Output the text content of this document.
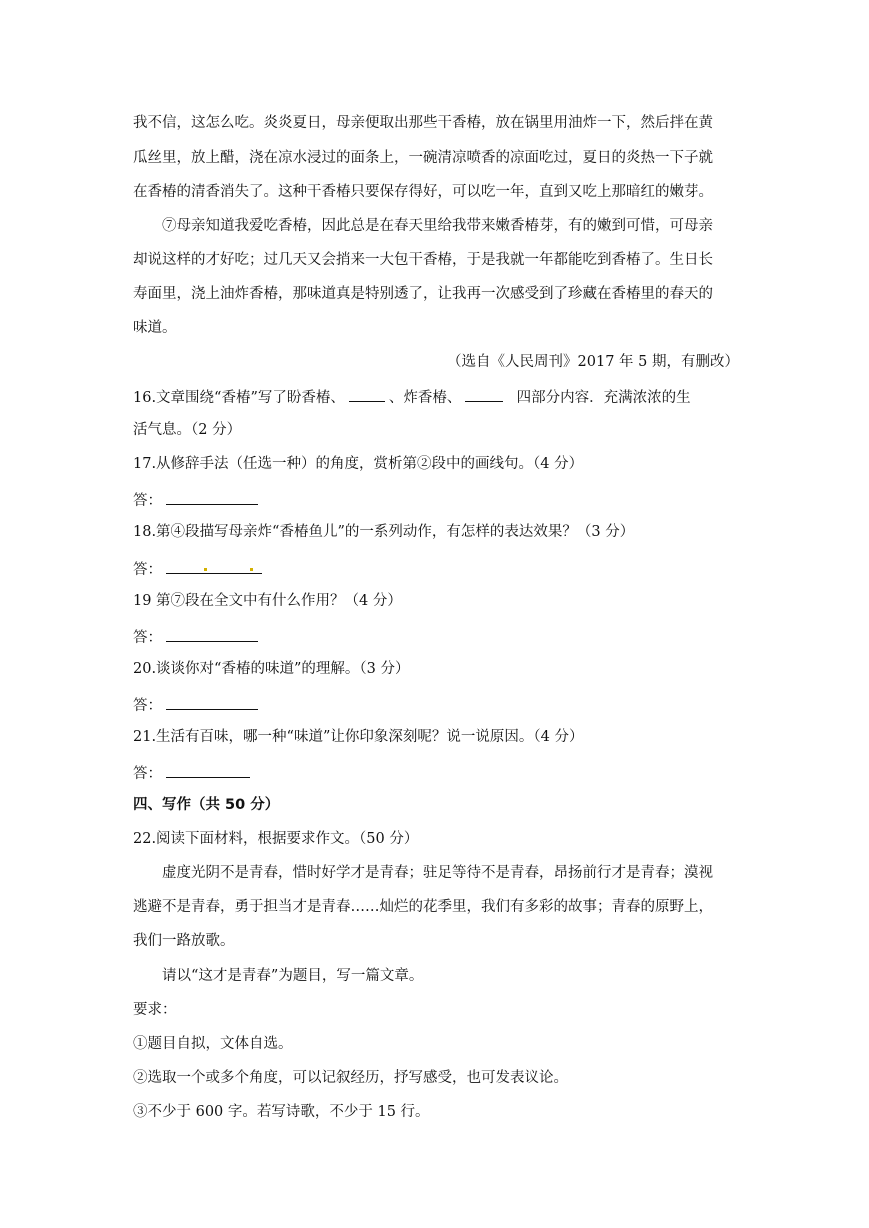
我不信，这怎么吃。炎炎夏日，母亲便取出那些干香椿，放在锅里用油炸一下，然后拌在黄
瓜丝里，放上醋，浇在凉水浸过的面条上，一碗清凉喷香的凉面吃过，夏日的炎热一下子就
在香椿的清香消失了。这种干香椿只要保存得好，可以吃一年，直到又吃上那暗红的嫩芽。
⑦母亲知道我爱吃香椿，因此总是在春天里给我带来嫩香椿芽，有的嫩到可惜，可母亲
却说这样的才好吃；过几天又会捎来一大包干香椿，于是我就一年都能吃到香椿了。生日长
寿面里，浇上油炸香椿，那味道真是特别透了，让我再一次感受到了珍藏在香椿里的春天的
味道。
（选自《人民周刊》2017 年 5 期，有删改）
16.文章围绕“香椿”写了盼香椿、	、炸香椿、	四部分内容．充满浓浓的生
活气息。（2 分）
17.从修辞手法（任选一种）的角度，赏析第②段中的画线句。（4 分）
答：
18.第④段描写母亲炸“香椿鱼儿”的一系列动作，有怎样的表达效果？（3 分）
答：
19 第⑦段在全文中有什么作用？（4 分）
答：
20.谈谈你对“香椿的味道”的理解。（3 分）
答：
21.生活有百味，哪一种“味道”让你印象深刻呢？说一说原因。（4 分）
答：
四、写作（共 50 分）
22.阅读下面材料，根据要求作文。（50 分）
虚度光阴不是青春，惜时好学才是青春；驻足等待不是青春，昂扬前行才是青春；漠视
逃避不是青春，勇于担当才是青春……灿烂的花季里，我们有多彩的故事；青春的原野上，
我们一路放歌。
请以“这才是青春”为题目，写一篇文章。
要求：
①题目自拟，文体自选。
②选取一个或多个角度，可以记叙经历，抒写感受，也可发表议论。
③不少于 600 字。若写诗歌，不少于 15 行。
